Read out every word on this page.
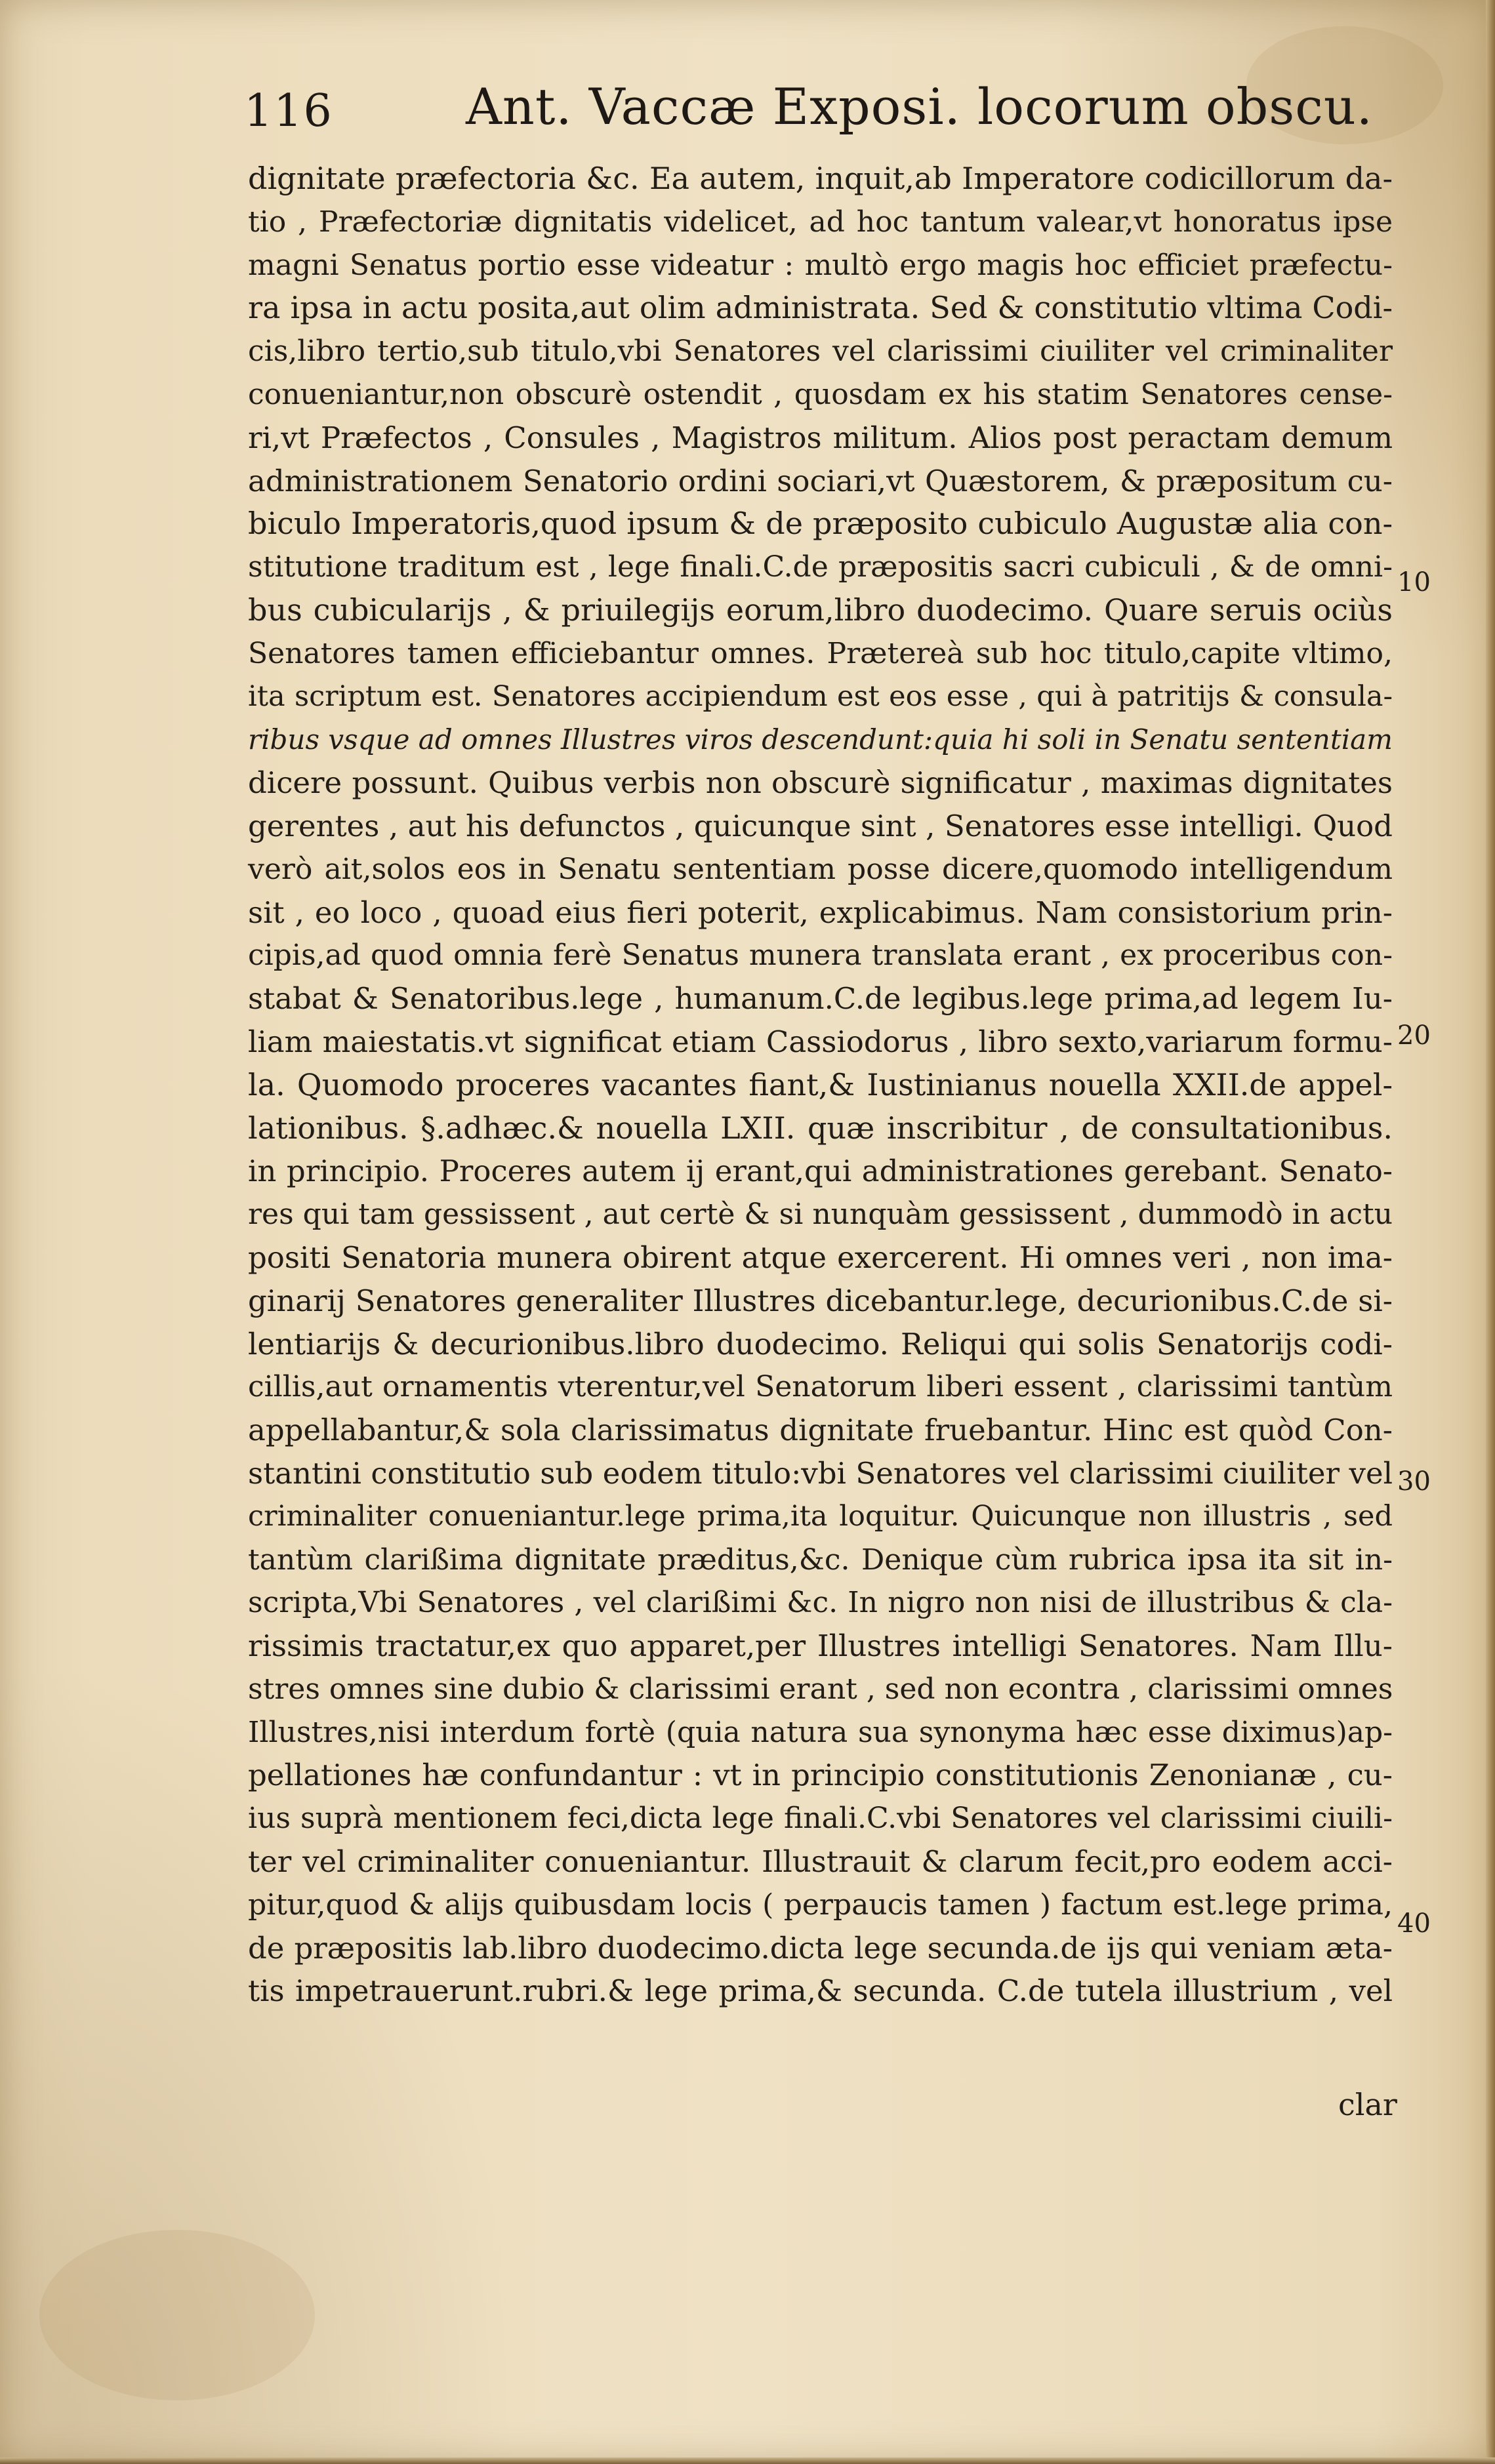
116	Ant. Vaccæ Exposi. locorum obscu.
dignitate præfectoria &c. Ea autem, inquit,ab Imperatore codicillorum da-
tio , Præfectoriæ dignitatis videlicet, ad hoc tantum valear,vt honoratus ipse
magni Senatus portio esse videatur : multò ergo magis hoc efficiet præfectu-
ra ipsa in actu posita,aut olim administrata. Sed & constitutio vltima Codi-
cis,libro tertio,sub titulo,vbi Senatores vel clarissimi ciuiliter vel criminaliter
conueniantur,non obscurè ostendit , quosdam ex his statim Senatores cense-
ri,vt Præfectos , Consules , Magistros militum. Alios post peractam demum
administrationem Senatorio ordini sociari,vt Quæstorem, & præpositum cu-
biculo Imperatoris,quod ipsum & de præposito cubiculo Augustæ alia con-
stitutione traditum est , lege finali.C.de præpositis sacri cubiculi , & de omni-
bus cubicularijs , & priuilegijs eorum,libro duodecimo. Quare seruis ociùs
Senatores tamen efficiebantur omnes. Prætereà sub hoc titulo,capite vltimo,
ita scriptum est. Senatores accipiendum est eos esse , qui à patritijs & consula-
ribus vsque ad omnes Illustres viros descendunt:quia hi soli in Senatu sententiam
dicere possunt. Quibus verbis non obscurè significatur , maximas dignitates
gerentes , aut his defunctos , quicunque sint , Senatores esse intelligi. Quod
verò ait,solos eos in Senatu sententiam posse dicere,quomodo intelligendum
sit , eo loco , quoad eius fieri poterit, explicabimus. Nam consistorium prin-
cipis,ad quod omnia ferè Senatus munera translata erant , ex proceribus con-
stabat & Senatoribus.lege , humanum.C.de legibus.lege prima,ad legem Iu-
liam maiestatis.vt significat etiam Cassiodorus , libro sexto,variarum formu-
la. Quomodo proceres vacantes fiant,& Iustinianus nouella XXII.de appel-
lationibus. §.adhæc.& nouella LXII. quæ inscribitur , de consultationibus.
in principio. Proceres autem ij erant,qui administrationes gerebant. Senato-
res qui tam gessissent , aut certè & si nunquàm gessissent , dummodò in actu
positi Senatoria munera obirent atque exercerent. Hi omnes veri , non ima-
ginarij Senatores generaliter Illustres dicebantur.lege, decurionibus.C.de si-
lentiarijs & decurionibus.libro duodecimo. Reliqui qui solis Senatorijs codi-
cillis,aut ornamentis vterentur,vel Senatorum liberi essent , clarissimi tantùm
appellabantur,& sola clarissimatus dignitate fruebantur. Hinc est quòd Con-
stantini constitutio sub eodem titulo:vbi Senatores vel clarissimi ciuiliter vel
criminaliter conueniantur.lege prima,ita loquitur. Quicunque non illustris , sed
tantùm clarißima dignitate præditus,&c. Denique cùm rubrica ipsa ita sit in-
scripta,Vbi Senatores , vel clarißimi &c. In nigro non nisi de illustribus & cla-
rissimis tractatur,ex quo apparet,per Illustres intelligi Senatores. Nam Illu-
stres omnes sine dubio & clarissimi erant , sed non econtra , clarissimi omnes
Illustres,nisi interdum fortè (quia natura sua synonyma hæc esse diximus)ap-
pellationes hæ confundantur : vt in principio constitutionis Zenonianæ , cu-
ius suprà mentionem feci,dicta lege finali.C.vbi Senatores vel clarissimi ciuili-
ter vel criminaliter conueniantur. Illustrauit & clarum fecit,pro eodem acci-
pitur,quod & alijs quibusdam locis ( perpaucis tamen ) factum est.lege prima,
de præpositis lab.libro duodecimo.dicta lege secunda.de ijs qui veniam æta-
tis impetrauerunt.rubri.& lege prima,& secunda. C.de tutela illustrium , vel
10
20
30
40
clar
